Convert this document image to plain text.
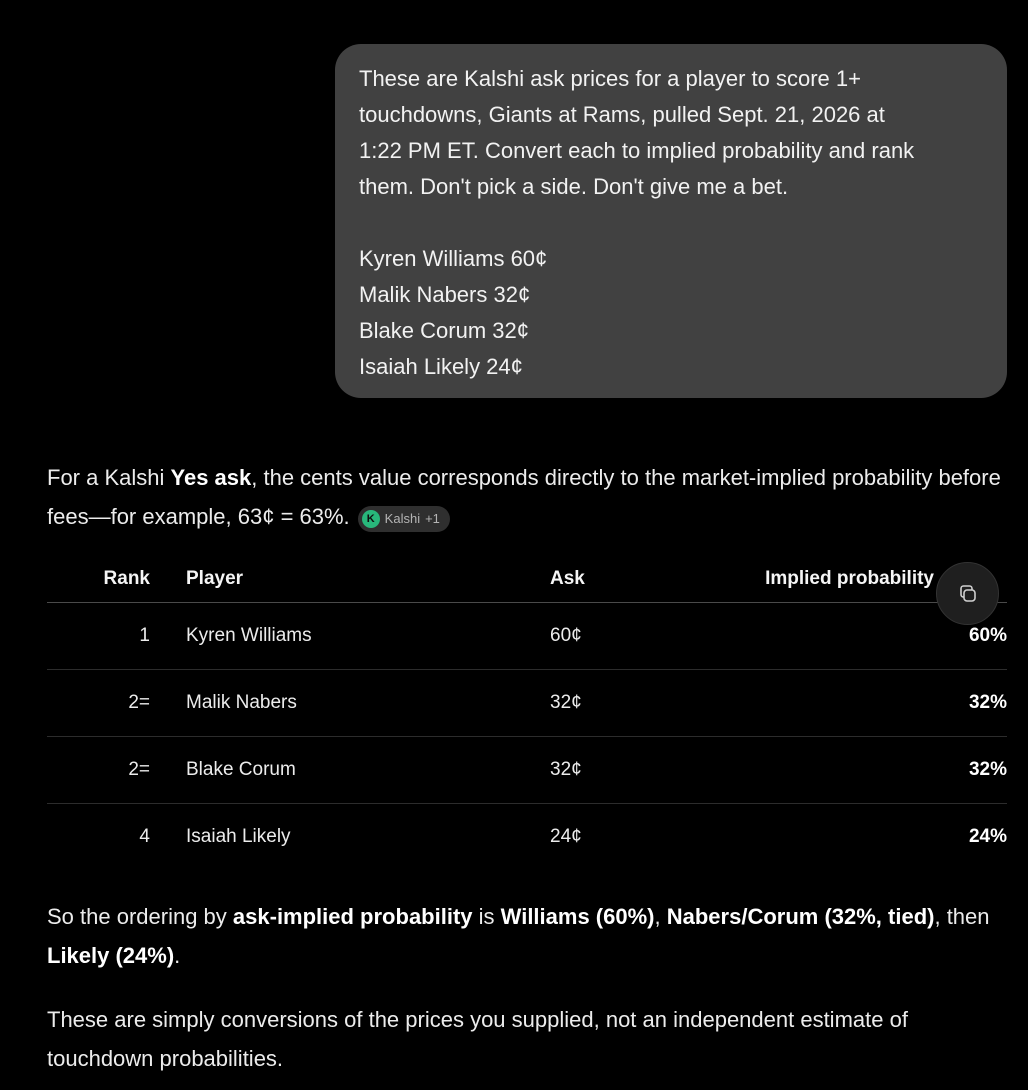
These are Kalshi ask prices for a player to score 1+

touchdowns, Giants at Rams, pulled Sept. 21, 2026 at

1:22 PM ET. Convert each to implied probability and rank

them. Don't pick a side. Don't give me a bet.

Kyren Williams 60¢

Malik Nabers 32¢

Blake Corum 32¢

Isaiah Likely 24¢

For a Kalshi Yes ask, the cents value corresponds directly to the market-implied probability before fees—for example, 63¢ = 63%.	K Kalshi +1
Rank	Player	Ask	Implied probability
1	Kyren Williams	60¢	60%
2=	Malik Nabers	32¢	32%
2=	Blake Corum	32¢	32%
4	Isaiah Likely	24¢	24%
So the ordering by ask-implied probability is Williams (60%), Nabers/Corum (32%, tied), then Likely (24%).
These are simply conversions of the prices you supplied, not an independent estimate of touchdown probabilities.
